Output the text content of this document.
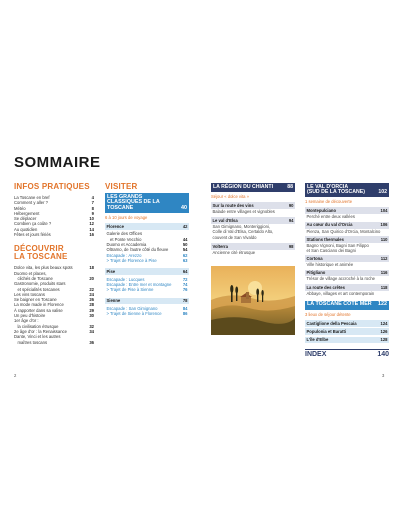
SOMMAIRE
INFOS PRATIQUES
La Toscane en bref	4
Comment y aller ?	7
Météo	8
Hébergement	9
Se déplacer	10
Combien ça coûte ?	12
Au quotidien	14
Fêtes et jours fériés	16
DÉCOUVRIR
LA TOSCANE
Dolce vita, les plus beaux spots	18
Duomo et places,
clichés de Toscane	20
Gastronomie, produits stars
et spécialités toscanes	22
Les vins toscans	24
Se baigner en Toscane	26
La mode made in Florence	28
À rapporter dans sa valise	29
Un peu d'histoire	30
1er âge d'or :
la civilisation étrusque	32
2e âge d'or : la Renaissance	34
Dante, Vinci et les autres
maîtres toscans	36
VISITER
LES GRANDS CLASSIQUES DE LA TOSCANE	40
6 à 10 jours de voyage
Florence	42
Galerie des Offices
et Ponte Vecchio	44
Duomo et Accademia	50
Oltrarno, de l'autre côté du fleuve	54
Escapade : Arezzo	62
> Trajet de Florence à Pise	63
Pise	64
Escapade : Lucques	72
Escapade : Entre mer et montagne	74
> Trajet de Pise à Sienne	76
Sienne	78
Escapade : San Gimignano	84
> Trajet de Sienne à Florence	86
LA RÉGION DU CHIANTI	88
Séjour « dolce vita »
Sur la route des vins	90
Balade entre villages et vignobles
Le val d'Elsa	94
San Gimignano, Monteriggioni,
Colle di Val d'Elsa, Certaldo Alto,
couvent de San Vivaldo
Volterra	98
Ancienne cité étrusque
LE VAL D'ORCIA
(SUD DE LA TOSCANE)	102
1 semaine de découverte
Montepulciano	104
Perché entre deux vallées
Au cœur du val d'Orcia	106
Pienza, San Quirico d'Orcia, Montalcino
Stations thermales	110
Bagno Vignoni, Bagni San Filippo
et San Casciano dei Bagni
Cortona	112
Ville historique et animée
Pitigliano	116
Trésor de village accroché à la roche
La route des crêtes	118
Abbaye, villages et art contemporain
LA TOSCANE CÔTÉ MER 122
3 lieux de séjour détente
Castiglione della Pescaia	124
Populonia et Baratti	126
L'île d'Elbe	128
INDEX	140
2	3
